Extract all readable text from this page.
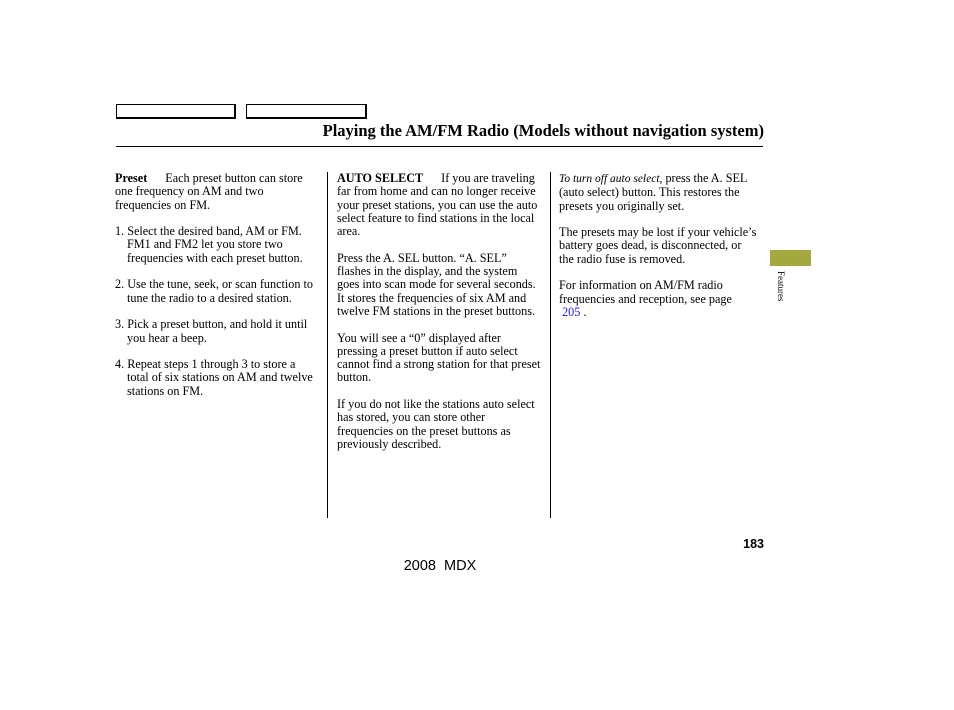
Playing the AM/FM Radio (Models without navigation system)

Preset Each preset button can store one frequency on AM and two frequencies on FM.

1. Select the desired band, AM or FM. FM1 and FM2 let you store two frequencies with each preset button.

2. Use the tune, seek, or scan function to tune the radio to a desired station.

3. Pick a preset button, and hold it until you hear a beep.

4. Repeat steps 1 through 3 to store a total of six stations on AM and twelve stations on FM.

AUTO SELECT If you are traveling far from home and can no longer receive your preset stations, you can use the auto select feature to find stations in the local area.

Press the A. SEL button. “A. SEL” flashes in the display, and the system goes into scan mode for several seconds. It stores the frequencies of six AM and twelve FM stations in the preset buttons.

You will see a “0” displayed after pressing a preset button if auto select cannot find a strong station for that preset button.

If you do not like the stations auto select has stored, you can store other frequencies on the preset buttons as previously described.

To turn off auto select, press the A. SEL (auto select) button. This restores the presets you originally set.

The presets may be lost if your vehicle’s battery goes dead, is disconnected, or the radio fuse is removed.

For information on AM/FM radio frequencies and reception, see page
205 .

Features
183
2008  MDX
